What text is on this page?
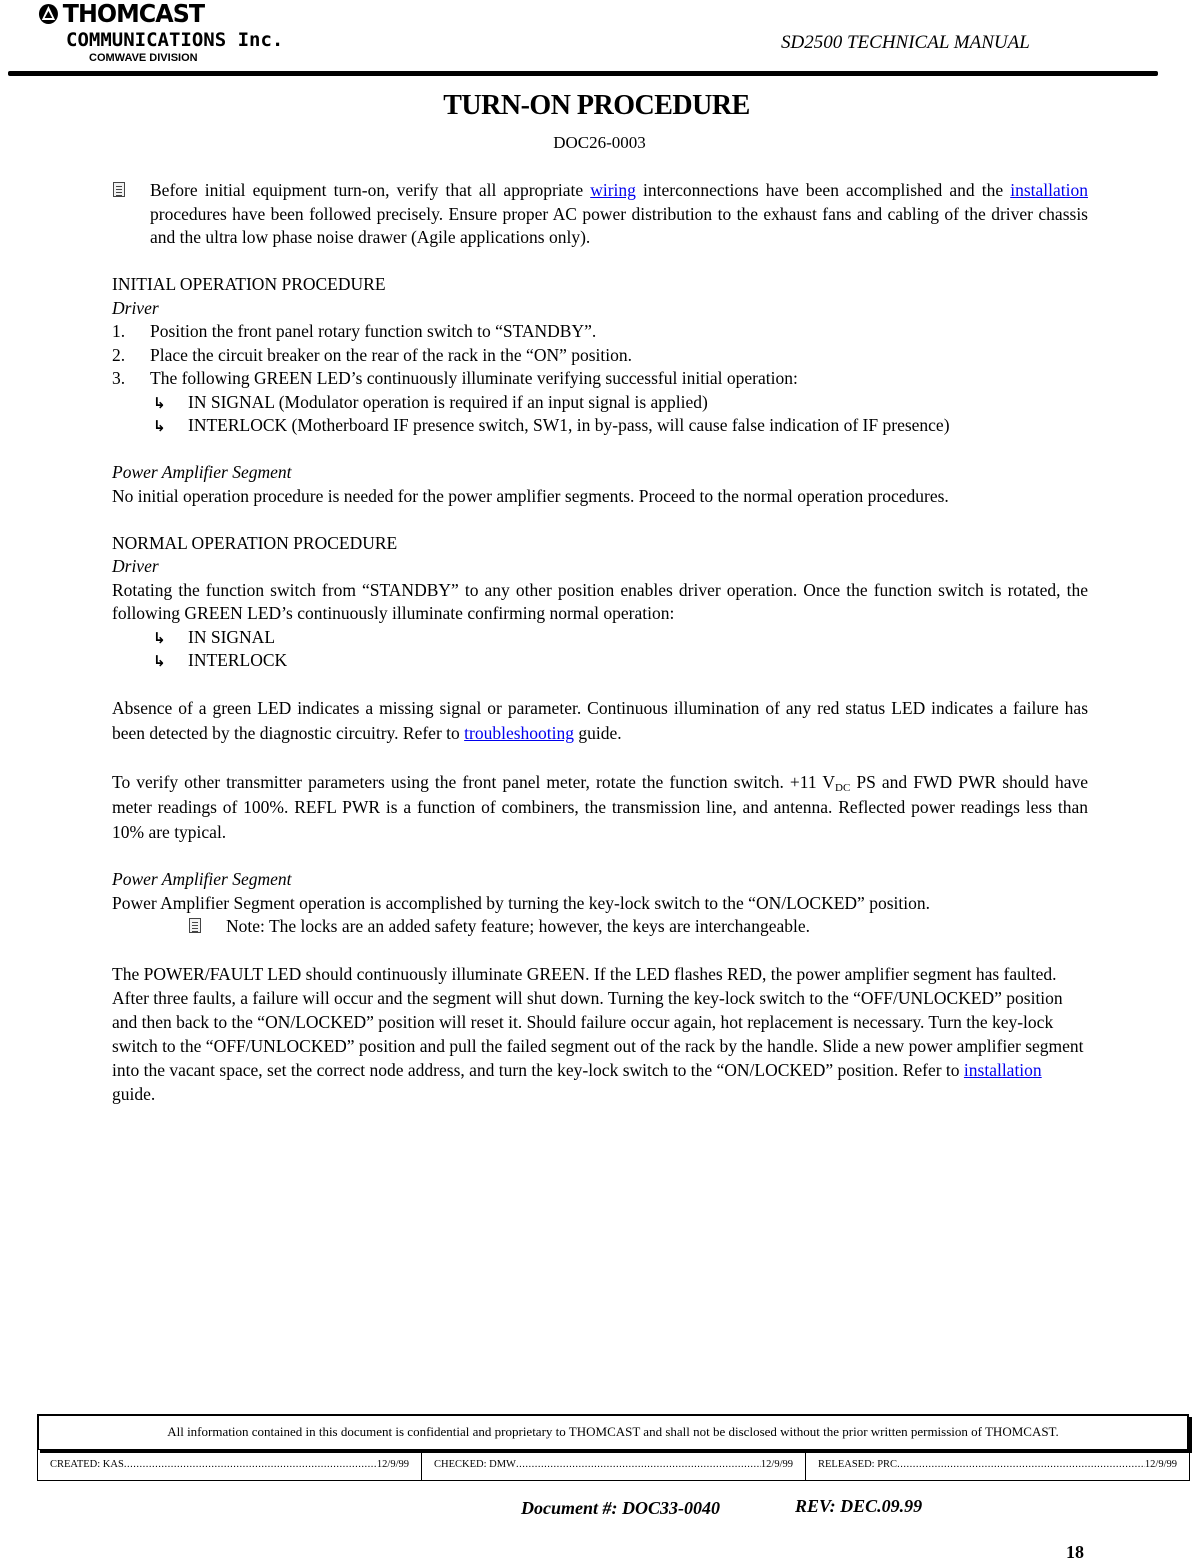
THOMCAST
COMMUNICATIONS Inc.
COMWAVE DIVISION
SD2500 TECHNICAL MANUAL
TURN-ON PROCEDURE
DOC26-0003

Before initial equipment turn-on, verify that all appropriate wiring interconnections have been accomplished and the installation procedures have been followed precisely. Ensure proper AC power distribution to the exhaust fans and cabling of the driver chassis and the ultra low phase noise drawer (Agile applications only).

INITIAL OPERATION PROCEDURE

Driver

1. Position the front panel rotary function switch to “STANDBY”.

2. Place the circuit breaker on the rear of the rack in the “ON” position.

3. The following GREEN LED’s continuously illuminate verifying successful initial operation:

↳ IN SIGNAL (Modulator operation is required if an input signal is applied)

↳ INTERLOCK (Motherboard IF presence switch, SW1, in by-pass, will cause false indication of IF presence)

Power Amplifier Segment

No initial operation procedure is needed for the power amplifier segments. Proceed to the normal operation procedures.

NORMAL OPERATION PROCEDURE

Driver

Rotating the function switch from “STANDBY” to any other position enables driver operation. Once the function switch is rotated, the following GREEN LED’s continuously illuminate confirming normal operation:

↳ IN SIGNAL

↳ INTERLOCK

Absence of a green LED indicates a missing signal or parameter. Continuous illumination of any red status LED indicates a failure has been detected by the diagnostic circuitry. Refer to troubleshooting guide.

To verify other transmitter parameters using the front panel meter, rotate the function switch. +11 $V_{DC}$ PS and FWD PWR should have meter readings of 100%. REFL PWR is a function of combiners, the transmission line, and antenna. Reflected power readings less than 10% are typical.

Power Amplifier Segment

Power Amplifier Segment operation is accomplished by turning the key-lock switch to the “ON/LOCKED” position.

Note: The locks are an added safety feature; however, the keys are interchangeable.

The POWER/FAULT LED should continuously illuminate GREEN. If the LED flashes RED, the power amplifier segment has faulted. After three faults, a failure will occur and the segment will shut down. Turning the key-lock switch to the “OFF/UNLOCKED” position and then back to the “ON/LOCKED” position will reset it. Should failure occur again, hot replacement is necessary. Turn the key-lock switch to the “OFF/UNLOCKED” position and pull the failed segment out of the rack by the handle. Slide a new power amplifier segment into the vacant space, set the correct node address, and turn the key-lock switch to the “ON/LOCKED” position. Refer to installation guide.

All information contained in this document is confidential and proprietary to THOMCAST and shall not be disclosed without the prior written permission of THOMCAST.
CREATED: KAS .....	12/9/99 CHECKED: DMW .....	12/9/99 RELEASED: PRC .....	12/9/99
Document #: DOC33-0040	REV: DEC.09.99
18
